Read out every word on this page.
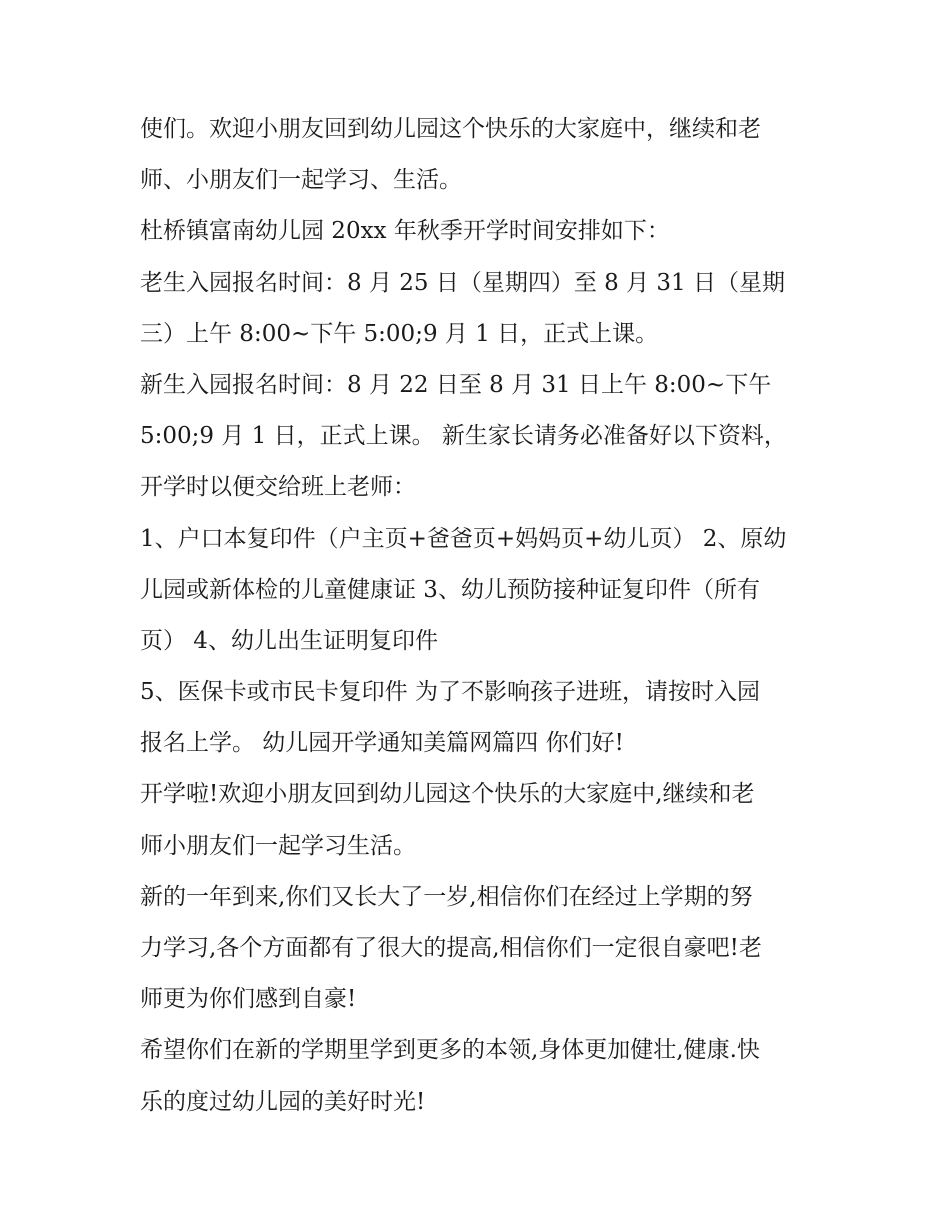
使们。欢迎小朋友回到幼儿园这个快乐的大家庭中，继续和老

师、小朋友们一起学习、生活。

杜桥镇富南幼儿园 20xx 年秋季开学时间安排如下：

老生入园报名时间：8 月 25 日（星期四）至 8 月 31 日（星期

三）上午 8:00~下午 5:00;9 月 1 日，正式上课。

新生入园报名时间：8 月 22 日至 8 月 31 日上午 8:00~下午

5:00;9 月 1 日，正式上课。 新生家长请务必准备好以下资料，

开学时以便交给班上老师：

1、户口本复印件（户主页+爸爸页+妈妈页+幼儿页） 2、原幼

儿园或新体检的儿童健康证 3、幼儿预防接种证复印件（所有

页） 4、幼儿出生证明复印件

5、医保卡或市民卡复印件 为了不影响孩子进班，请按时入园

报名上学。 幼儿园开学通知美篇网篇四 你们好!

开学啦!欢迎小朋友回到幼儿园这个快乐的大家庭中,继续和老

师小朋友们一起学习生活。

新的一年到来,你们又长大了一岁,相信你们在经过上学期的努

力学习,各个方面都有了很大的提高,相信你们一定很自豪吧!老

师更为你们感到自豪!

希望你们在新的学期里学到更多的本领,身体更加健壮,健康.快

乐的度过幼儿园的美好时光!
